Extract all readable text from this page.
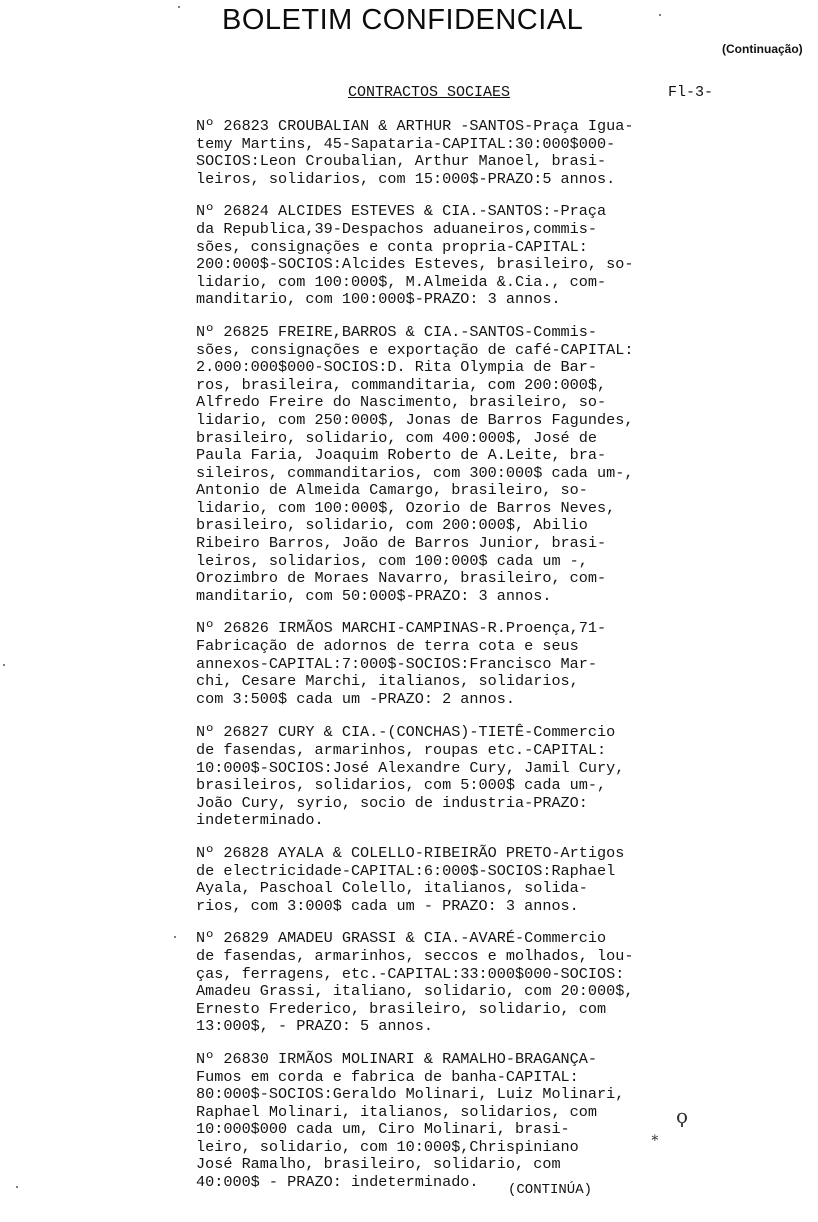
BOLETIM CONFIDENCIAL
(Continuação)
CONTRACTOS SOCIAES	Fl-3-
Nº 26823 CROUBALIAN & ARTHUR -SANTOS-Praça Igua-
temy Martins, 45-Sapataria-CAPITAL:30:000$000-
SOCIOS:Leon Croubalian, Arthur Manoel, brasi-
leiros, solidarios, com 15:000$-PRAZO:5 annos.
Nº 26824 ALCIDES ESTEVES & CIA.-SANTOS:-Praça
da Republica,39-Despachos aduaneiros,commis-
sões, consignações e conta propria-CAPITAL:
200:000$-SOCIOS:Alcides Esteves, brasileiro, so-
lidario, com 100:000$, M.Almeida &.Cia., com-
manditario, com 100:000$-PRAZO: 3 annos.
Nº 26825 FREIRE,BARROS & CIA.-SANTOS-Commis-
sões, consignações e exportação de café-CAPITAL:
2.000:000$000-SOCIOS:D. Rita Olympia de Bar-
ros, brasileira, commanditaria, com 200:000$,
Alfredo Freire do Nascimento, brasileiro, so-
lidario, com 250:000$, Jonas de Barros Fagundes,
brasileiro, solidario, com 400:000$, José de
Paula Faria, Joaquim Roberto de A.Leite, bra-
sileiros, commanditarios, com 300:000$ cada um-,
Antonio de Almeida Camargo, brasileiro, so-
lidario, com 100:000$, Ozorio de Barros Neves,
brasileiro, solidario, com 200:000$, Abilio
Ribeiro Barros, João de Barros Junior, brasi-
leiros, solidarios, com 100:000$ cada um -,
Orozimbro de Moraes Navarro, brasileiro, com-
manditario, com 50:000$-PRAZO: 3 annos.
Nº 26826 IRMÃOS MARCHI-CAMPINAS-R.Proença,71-
Fabricação de adornos de terra cota e seus
annexos-CAPITAL:7:000$-SOCIOS:Francisco Mar-
chi, Cesare Marchi, italianos, solidarios,
com 3:500$ cada um -PRAZO: 2 annos.
Nº 26827 CURY & CIA.-(CONCHAS)-TIETÊ-Commercio
de fasendas, armarinhos, roupas etc.-CAPITAL:
10:000$-SOCIOS:José Alexandre Cury, Jamil Cury,
brasileiros, solidarios, com 5:000$ cada um-,
João Cury, syrio, socio de industria-PRAZO:
indeterminado.
Nº 26828 AYALA & COLELLO-RIBEIRÃO PRETO-Artigos
de electricidade-CAPITAL:6:000$-SOCIOS:Raphael
Ayala, Paschoal Colello, italianos, solida-
rios, com 3:000$ cada um - PRAZO: 3 annos.
Nº 26829 AMADEU GRASSI & CIA.-AVARÉ-Commercio
de fasendas, armarinhos, seccos e molhados, lou-
ças, ferragens, etc.-CAPITAL:33:000$000-SOCIOS:
Amadeu Grassi, italiano, solidario, com 20:000$,
Ernesto Frederico, brasileiro, solidario, com
13:000$, - PRAZO: 5 annos.
Nº 26830 IRMÃOS MOLINARI & RAMALHO-BRAGANÇA-
Fumos em corda e fabrica de banha-CAPITAL:
80:000$-SOCIOS:Geraldo Molinari, Luiz Molinari,
Raphael Molinari, italianos, solidarios, com
10:000$000 cada um, Ciro Molinari, brasi-
leiro, solidario, com 10:000$,Chrispiniano
José Ramalho, brasileiro, solidario, com
40:000$ - PRAZO: indeterminado.	(CONTINÚA)
ϙ
∗
